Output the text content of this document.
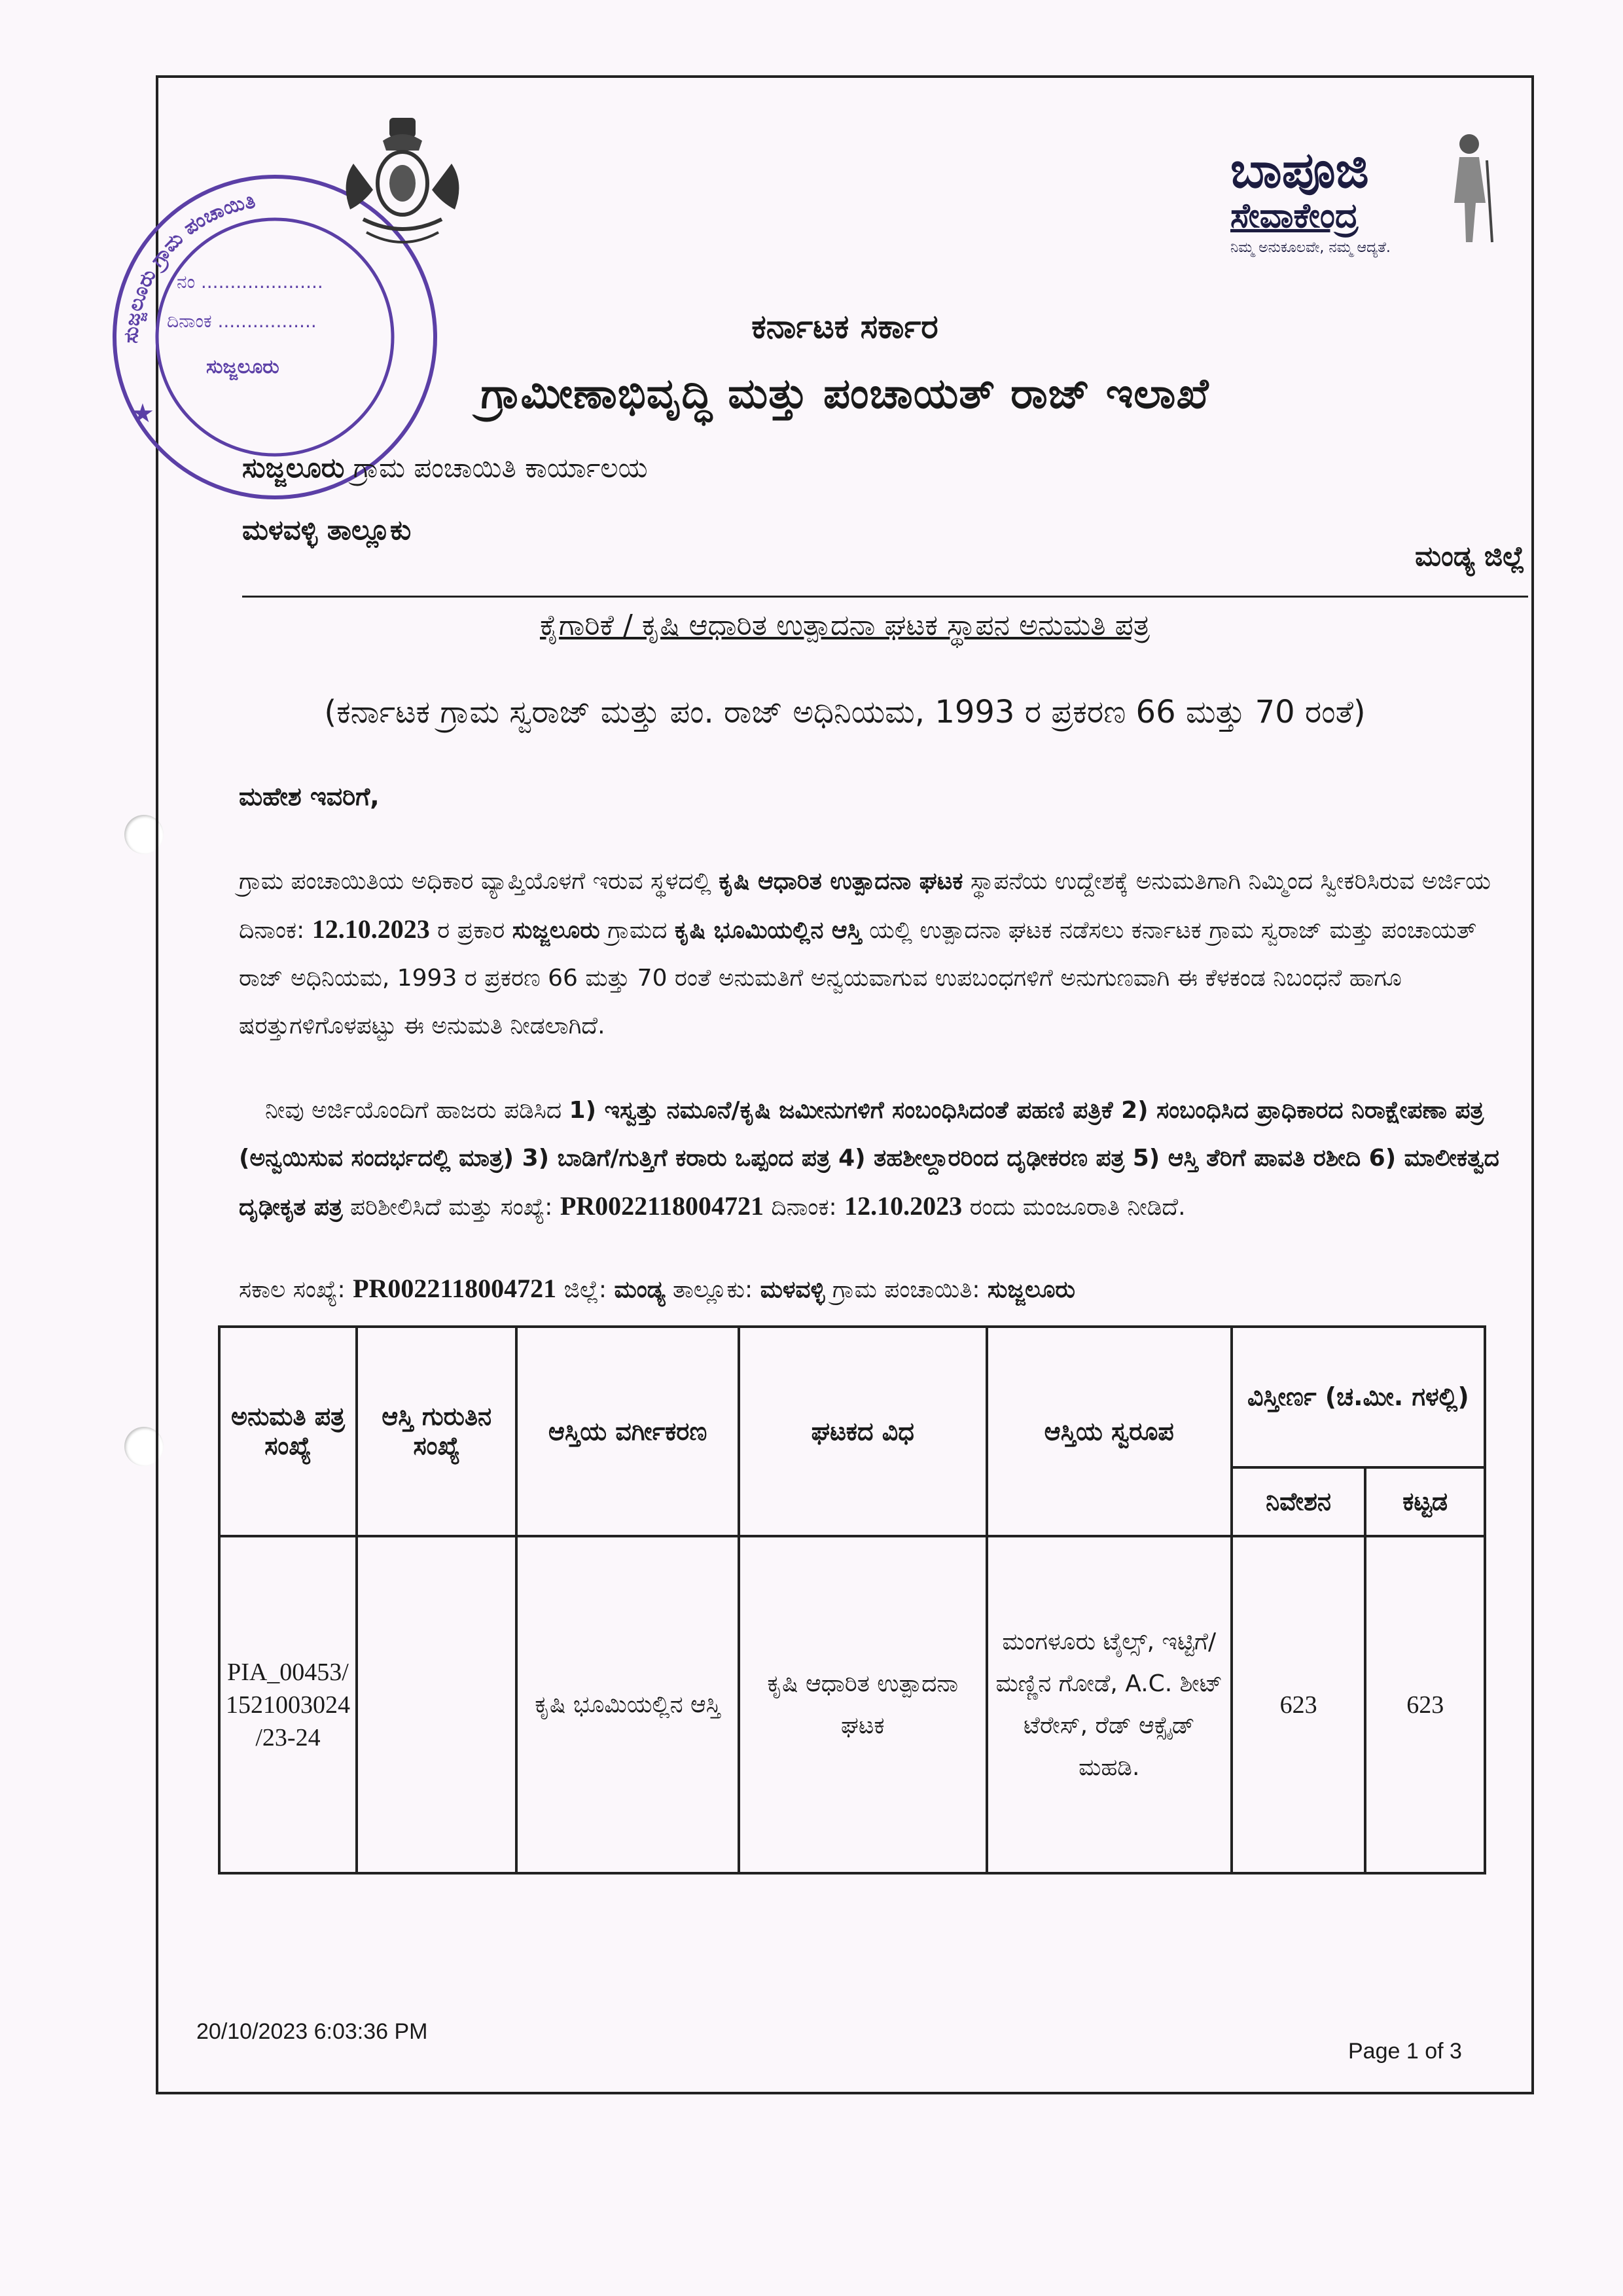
ಸುಜ್ಜಲೂರು ಗ್ರಾಮ ಪಂಚಾಯಿತಿ
ನಂ .....................
ದಿನಾಂಕ .................
ಸುಜ್ಜಲೂರು
★
ಬಾಪೂಜಿ
ಸೇವಾಕೇಂದ್ರ
ನಿಮ್ಮ ಅನುಕೂಲವೇ, ನಮ್ಮ ಆದ್ಯತೆ.
ಕರ್ನಾಟಕ ಸರ್ಕಾರ
ಗ್ರಾಮೀಣಾಭಿವೃದ್ಧಿ ಮತ್ತು ಪಂಚಾಯತ್ ರಾಜ್ ಇಲಾಖೆ
ಸುಜ್ಜಲೂರು ಗ್ರಾಮ ಪಂಚಾಯಿತಿ ಕಾರ್ಯಾಲಯ
ಮಳವಳ್ಳಿ ತಾಲ್ಲೂಕು
ಮಂಡ್ಯ ಜಿಲ್ಲೆ
ಕೈಗಾರಿಕೆ / ಕೃಷಿ ಆಧಾರಿತ ಉತ್ಪಾದನಾ ಘಟಕ ಸ್ಥಾಪನ ಅನುಮತಿ ಪತ್ರ
(ಕರ್ನಾಟಕ ಗ್ರಾಮ ಸ್ವರಾಜ್ ಮತ್ತು ಪಂ. ರಾಜ್ ಅಧಿನಿಯಮ, 1993 ರ ಪ್ರಕರಣ 66 ಮತ್ತು 70 ರಂತೆ)
ಮಹೇಶ ಇವರಿಗೆ,
ಗ್ರಾಮ ಪಂಚಾಯಿತಿಯ ಅಧಿಕಾರ ವ್ಯಾಪ್ತಿಯೊಳಗೆ ಇರುವ ಸ್ಥಳದಲ್ಲಿ ಕೃಷಿ ಆಧಾರಿತ ಉತ್ಪಾದನಾ ಘಟಕ ಸ್ಥಾಪನೆಯ ಉದ್ದೇಶಕ್ಕೆ ಅನುಮತಿಗಾಗಿ ನಿಮ್ಮಿಂದ ಸ್ವೀಕರಿಸಿರುವ ಅರ್ಜಿಯ ದಿನಾಂಕ: 12.10.2023 ರ ಪ್ರಕಾರ ಸುಜ್ಜಲೂರು ಗ್ರಾಮದ ಕೃಷಿ ಭೂಮಿಯಲ್ಲಿನ ಆಸ್ತಿ ಯಲ್ಲಿ ಉತ್ಪಾದನಾ ಘಟಕ ನಡೆಸಲು ಕರ್ನಾಟಕ ಗ್ರಾಮ ಸ್ವರಾಜ್ ಮತ್ತು ಪಂಚಾಯತ್ ರಾಜ್ ಅಧಿನಿಯಮ, 1993 ರ ಪ್ರಕರಣ 66 ಮತ್ತು 70 ರಂತೆ ಅನುಮತಿಗೆ ಅನ್ವಯವಾಗುವ ಉಪಬಂಧಗಳಿಗೆ ಅನುಗುಣವಾಗಿ ಈ ಕೆಳಕಂಡ ನಿಬಂಧನೆ ಹಾಗೂ ಷರತ್ತುಗಳಿಗೊಳಪಟ್ಟು ಈ ಅನುಮತಿ ನೀಡಲಾಗಿದೆ.
ನೀವು ಅರ್ಜಿಯೊಂದಿಗೆ ಹಾಜರು ಪಡಿಸಿದ 1) ಇಸ್ವತ್ತು ನಮೂನೆ/ಕೃಷಿ ಜಮೀನುಗಳಿಗೆ ಸಂಬಂಧಿಸಿದಂತೆ ಪಹಣಿ ಪತ್ರಿಕೆ 2) ಸಂಬಂಧಿಸಿದ ಪ್ರಾಧಿಕಾರದ ನಿರಾಕ್ಷೇಪಣಾ ಪತ್ರ (ಅನ್ವಯಿಸುವ ಸಂದರ್ಭದಲ್ಲಿ ಮಾತ್ರ) 3) ಬಾಡಿಗೆ/ಗುತ್ತಿಗೆ ಕರಾರು ಒಪ್ಪಂದ ಪತ್ರ 4) ತಹಶೀಲ್ದಾರರಿಂದ ದೃಢೀಕರಣ ಪತ್ರ 5) ಆಸ್ತಿ ತೆರಿಗೆ ಪಾವತಿ ರಶೀದಿ 6) ಮಾಲೀಕತ್ವದ ದೃಢೀಕೃತ ಪತ್ರ ಪರಿಶೀಲಿಸಿದೆ ಮತ್ತು ಸಂಖ್ಯೆ: PR0022118004721 ದಿನಾಂಕ: 12.10.2023 ರಂದು ಮಂಜೂರಾತಿ ನೀಡಿದೆ.
ಸಕಾಲ ಸಂಖ್ಯೆ: PR0022118004721 ಜಿಲ್ಲೆ: ಮಂಡ್ಯ ತಾಲ್ಲೂಕು: ಮಳವಳ್ಳಿ ಗ್ರಾಮ ಪಂಚಾಯಿತಿ: ಸುಜ್ಜಲೂರು
ಅನುಮತಿ ಪತ್ರ ಸಂಖ್ಯೆ	ಆಸ್ತಿ ಗುರುತಿನ ಸಂಖ್ಯೆ	ಆಸ್ತಿಯ ವರ್ಗೀಕರಣ	ಘಟಕದ ವಿಧ	ಆಸ್ತಿಯ ಸ್ವರೂಪ	ವಿಸ್ತೀರ್ಣ (ಚ.ಮೀ. ಗಳಲ್ಲಿ)	
					ನಿವೇಶನ	ಕಟ್ಟಡ
PIA_00453/ 1521003024 /23-24		ಕೃಷಿ ಭೂಮಿಯಲ್ಲಿನ ಆಸ್ತಿ	ಕೃಷಿ ಆಧಾರಿತ ಉತ್ಪಾದನಾ ಘಟಕ	ಮಂಗಳೂರು ಟೈಲ್ಸ್, ಇಟ್ಟಿಗೆ/ ಮಣ್ಣಿನ ಗೋಡೆ, A.C. ಶೀಟ್ ಟೆರೇಸ್, ರೆಡ್ ಆಕ್ಸೈಡ್ ಮಹಡಿ.	623	623
20/10/2023 6:03:36 PM
Page 1 of 3
